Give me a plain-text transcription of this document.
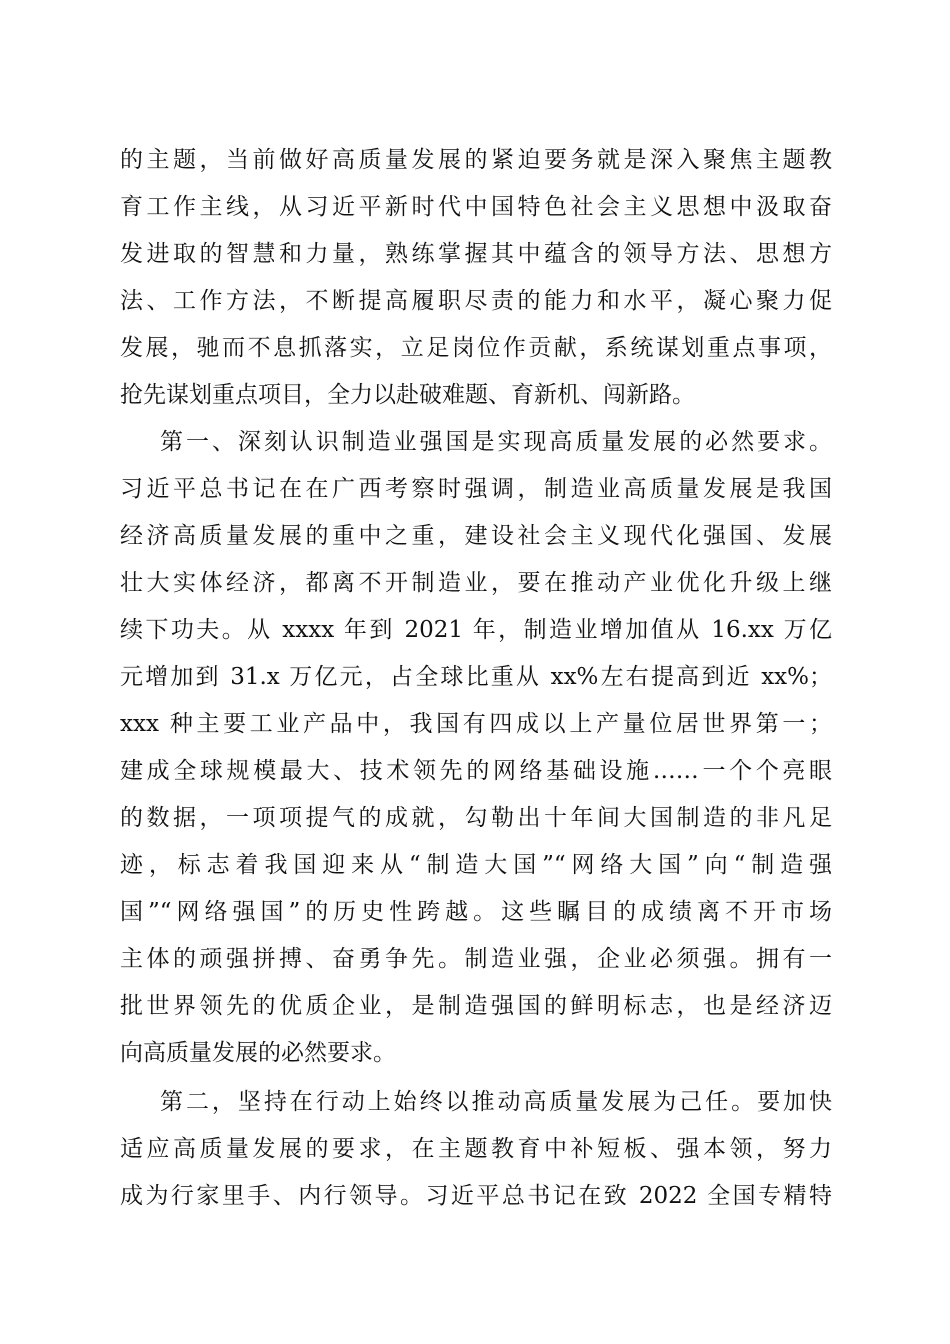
的主题，当前做好高质量发展的紧迫要务就是深入聚焦主题教
育工作主线，从习近平新时代中国特色社会主义思想中汲取奋
发进取的智慧和力量，熟练掌握其中蕴含的领导方法、思想方
法、工作方法，不断提高履职尽责的能力和水平，凝心聚力促
发展，驰而不息抓落实，立足岗位作贡献，系统谋划重点事项，
抢先谋划重点项目，全力以赴破难题、育新机、闯新路。
第一、深刻认识制造业强国是实现高质量发展的必然要求。
习近平总书记在在广西考察时强调，制造业高质量发展是我国
经济高质量发展的重中之重，建设社会主义现代化强国、发展
壮大实体经济，都离不开制造业，要在推动产业优化升级上继
续下功夫。从 xxxx 年到 2021 年，制造业增加值从 16.xx 万亿
元增加到 31.x 万亿元，占全球比重从 xx%左右提高到近 xx%；
xxx 种主要工业产品中，我国有四成以上产量位居世界第一；
建成全球规模最大、技术领先的网络基础设施……一个个亮眼
的数据，一项项提气的成就，勾勒出十年间大国制造的非凡足
迹，标志着我国迎来从“制造大国”“网络大国”向“制造强
国”“网络强国”的历史性跨越。这些瞩目的成绩离不开市场
主体的顽强拼搏、奋勇争先。制造业强，企业必须强。拥有一
批世界领先的优质企业，是制造强国的鲜明标志，也是经济迈
向高质量发展的必然要求。
第二，坚持在行动上始终以推动高质量发展为己任。要加快
适应高质量发展的要求，在主题教育中补短板、强本领，努力
成为行家里手、内行领导。习近平总书记在致 2022 全国专精特
